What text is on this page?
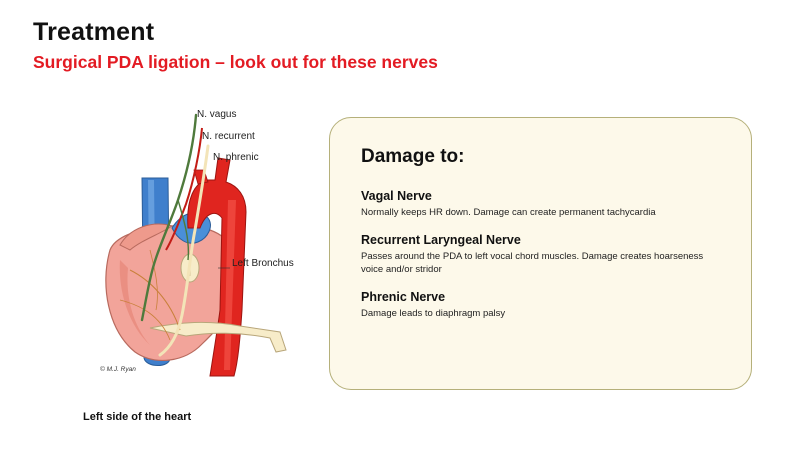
Treatment
Surgical PDA ligation – look out for these nerves
N. vagus
N. recurrent
N. phrenic
Left Bronchus
© M.J. Ryan
Left side of the heart
Damage to:
Vagal Nerve
Normally keeps HR down. Damage can create permanent tachycardia
Recurrent Laryngeal Nerve
Passes around the PDA to left vocal chord muscles. Damage creates hoarseness voice and/or stridor
Phrenic Nerve
Damage leads to diaphragm palsy
